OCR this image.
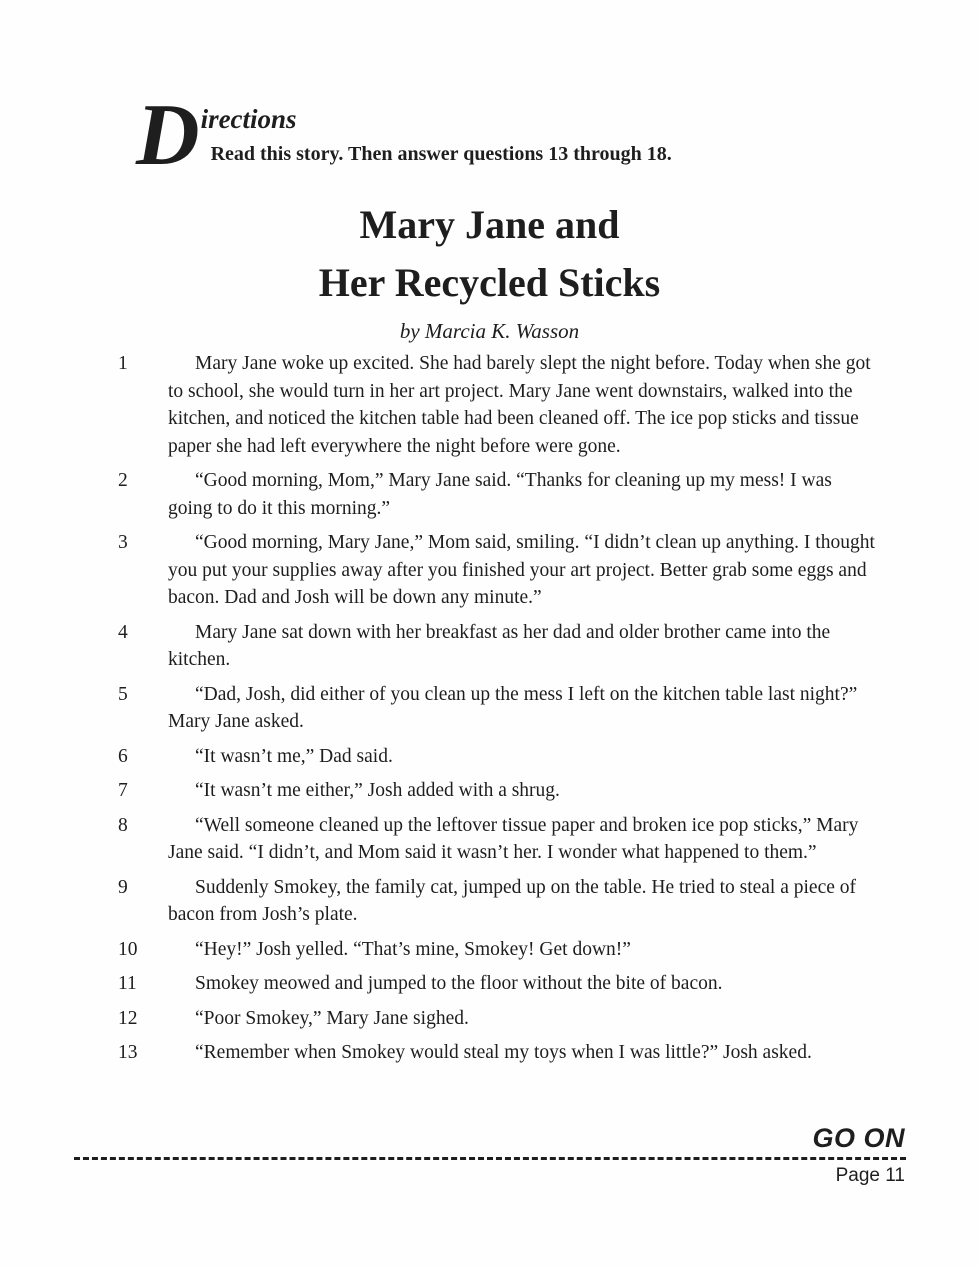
D irections
Read this story. Then answer questions 13 through 18.
Mary Jane and
Her Recycled Sticks
by Marcia K. Wasson
1	Mary Jane woke up excited. She had barely slept the night before. Today when she got to school, she would turn in her art project. Mary Jane went downstairs, walked into the kitchen, and noticed the kitchen table had been cleaned off. The ice pop sticks and tissue paper she had left everywhere the night before were gone.
2	“Good morning, Mom,” Mary Jane said. “Thanks for cleaning up my mess! I was going to do it this morning.”
3	“Good morning, Mary Jane,” Mom said, smiling. “I didn’t clean up anything. I thought you put your supplies away after you finished your art project. Better grab some eggs and bacon. Dad and Josh will be down any minute.”
4	Mary Jane sat down with her breakfast as her dad and older brother came into the kitchen.
5	“Dad, Josh, did either of you clean up the mess I left on the kitchen table last night?” Mary Jane asked.
6	“It wasn’t me,” Dad said.
7	“It wasn’t me either,” Josh added with a shrug.
8	“Well someone cleaned up the leftover tissue paper and broken ice pop sticks,” Mary Jane said. “I didn’t, and Mom said it wasn’t her. I wonder what happened to them.”
9	Suddenly Smokey, the family cat, jumped up on the table. He tried to steal a piece of bacon from Josh’s plate.
10	“Hey!” Josh yelled. “That’s mine, Smokey! Get down!”
11	Smokey meowed and jumped to the floor without the bite of bacon.
12	“Poor Smokey,” Mary Jane sighed.
13	“Remember when Smokey would steal my toys when I was little?” Josh asked.
GO ON
Page 11
